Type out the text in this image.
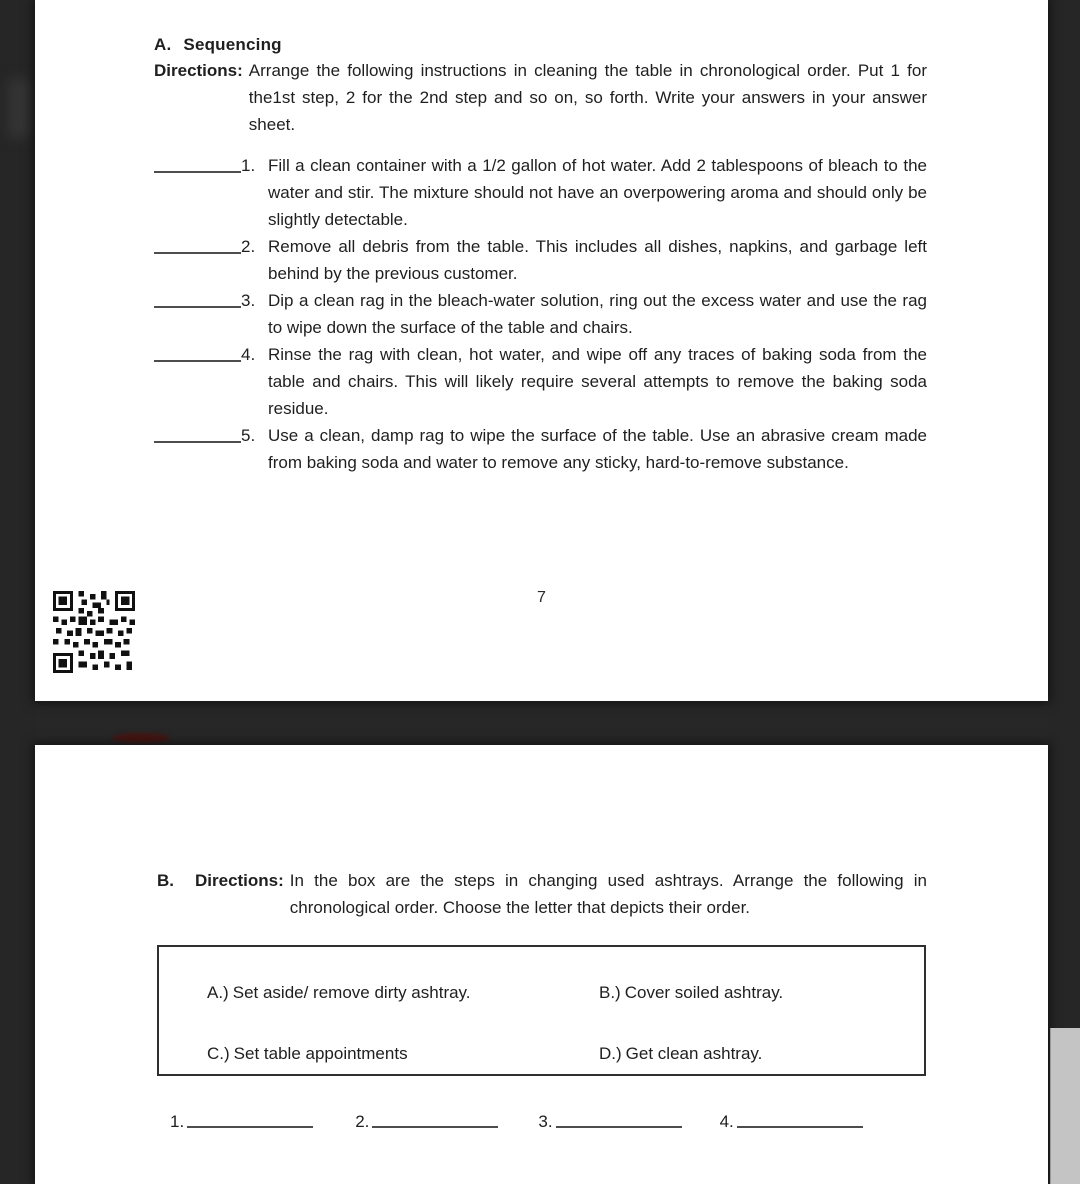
A. Sequencing
Directions: Arrange the following instructions in cleaning the table in chronological order. Put 1 for the1st step, 2 for the 2nd step and so on, so forth. Write your answers in your answer sheet.
1. Fill a clean container with a 1/2 gallon of hot water. Add 2 tablespoons of bleach to the water and stir. The mixture should not have an overpowering aroma and should only be slightly detectable.
2. Remove all debris from the table. This includes all dishes, napkins, and garbage left behind by the previous customer.
3. Dip a clean rag in the bleach-water solution, ring out the excess water and use the rag to wipe down the surface of the table and chairs.
4. Rinse the rag with clean, hot water, and wipe off any traces of baking soda from the table and chairs. This will likely require several attempts to remove the baking soda residue.
5. Use a clean, damp rag to wipe the surface of the table. Use an abrasive cream made from baking soda and water to remove any sticky, hard-to-remove substance.
7
B.	Directions: In the box are the steps in changing used ashtrays. Arrange the following in chronological order. Choose the letter that depicts their order.
A.) Set aside/ remove dirty ashtray.	B.) Cover soiled ashtray.
C.) Set table appointments	D.) Get clean ashtray.
1.	2.	3.	4.
